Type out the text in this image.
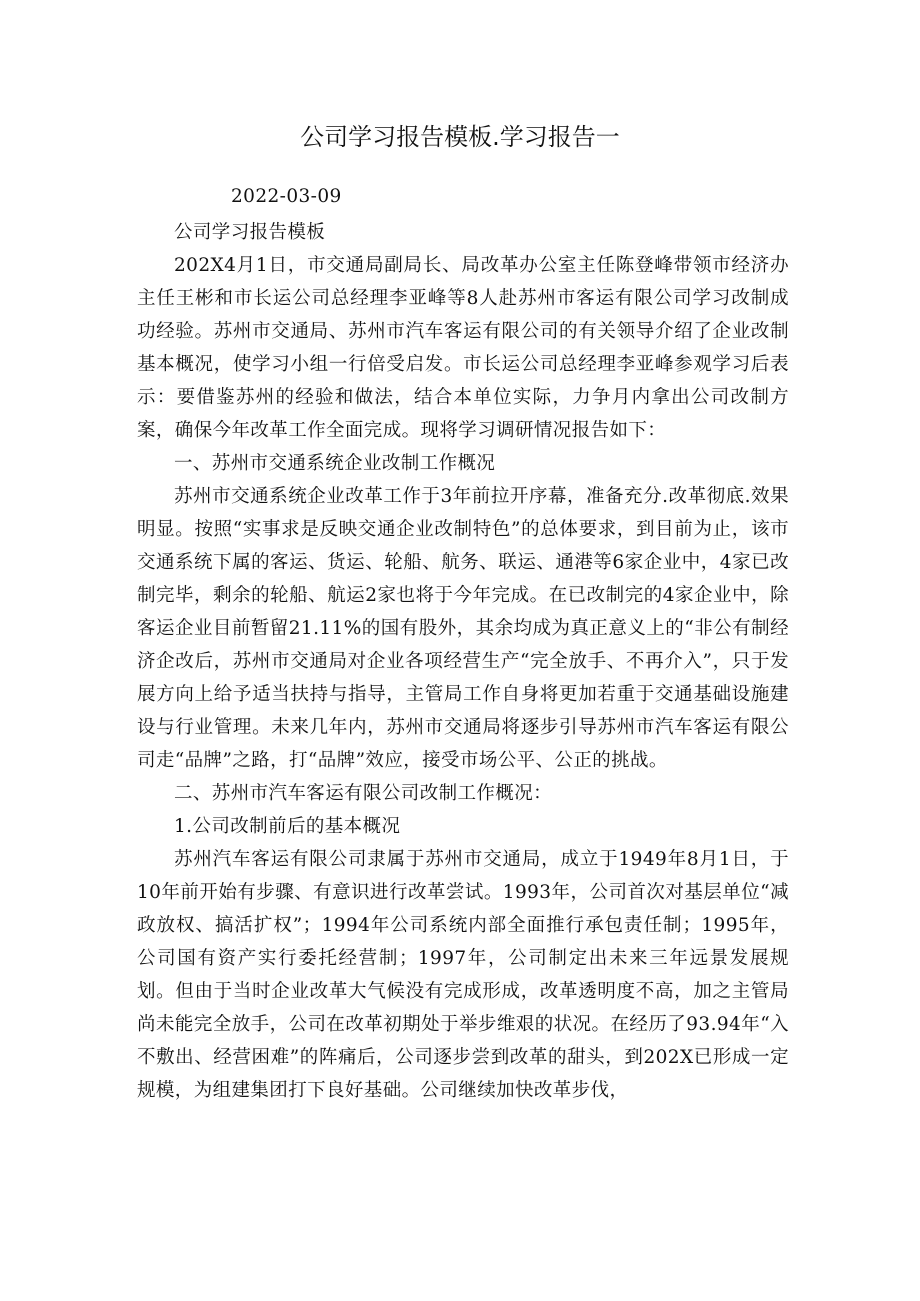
公司学习报告模板.学习报告一

2022-03-09

公司学习报告模板

202X4月1日，市交通局副局长、局改革办公室主任陈登峰带领市经济办主任王彬和市长运公司总经理李亚峰等8人赴苏州市客运有限公司学习改制成功经验。苏州市交通局、苏州市汽车客运有限公司的有关领导介绍了企业改制基本概况，使学习小组一行倍受启发。市长运公司总经理李亚峰参观学习后表示：要借鉴苏州的经验和做法，结合本单位实际，力争月内拿出公司改制方案，确保今年改革工作全面完成。现将学习调研情况报告如下：

一、苏州市交通系统企业改制工作概况

苏州市交通系统企业改革工作于3年前拉开序幕，准备充分.改革彻底.效果明显。按照“实事求是反映交通企业改制特色”的总体要求，到目前为止，该市交通系统下属的客运、货运、轮船、航务、联运、通港等6家企业中，4家已改制完毕，剩余的轮船、航运2家也将于今年完成。在已改制完的4家企业中，除客运企业目前暂留21.11%的国有股外，其余均成为真正意义上的“非公有制经济企改后，苏州市交通局对企业各项经营生产“完全放手、不再介入”，只于发展方向上给予适当扶持与指导，主管局工作自身将更加若重于交通基础设施建设与行业管理。未来几年内，苏州市交通局将逐步引导苏州市汽车客运有限公司走“品牌”之路，打“品牌”效应，接受市场公平、公正的挑战。

二、苏州市汽车客运有限公司改制工作概况：

1.公司改制前后的基本概况

苏州汽车客运有限公司隶属于苏州市交通局，成立于1949年8月1日，于10年前开始有步骤、有意识进行改革尝试。1993年，公司首次对基层单位“减政放权、搞活扩权”；1994年公司系统内部全面推行承包责任制；1995年，公司国有资产实行委托经营制；1997年，公司制定出未来三年远景发展规划。但由于当时企业改革大气候没有完成形成，改革透明度不高，加之主管局尚未能完全放手，公司在改革初期处于举步维艰的状况。在经历了93.94年“入不敷出、经营困难”的阵痛后，公司逐步尝到改革的甜头，到202X已形成一定规模，为组建集团打下良好基础。公司继续加快改革步伐，
